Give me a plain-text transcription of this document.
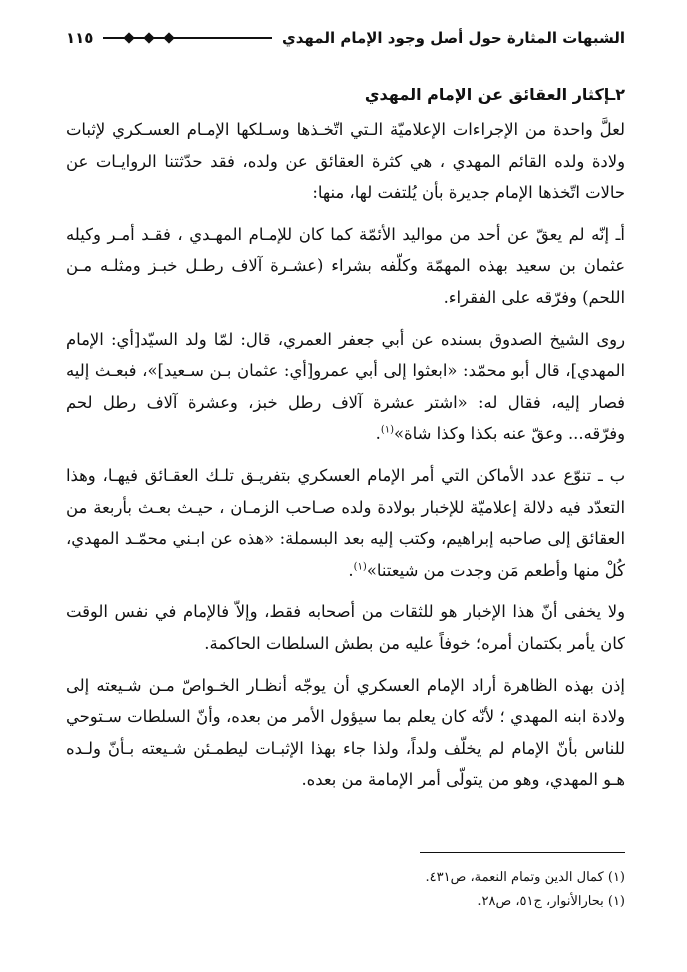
الشبهات المثارة حول أصل وجود الإمام المهدي
١١٥
٢ـإكثار العقائق عن الإمام المهدي

لعلَّ واحدة من الإجراءات الإعلاميّة الـتي اتّخـذها وسـلكها الإمـام العسـكري لإثبات ولادة ولده القائم المهدي ، هي كثرة العقائق عن ولده، فقد حدّثتنا الروايـات عن حالات اتّخذها الإمام جديرة بأن يُلتفت لها، منها:

أـ إنّه لم يعقّ عن أحد من مواليد الأئمّة كما كان للإمـام المهـدي ، فقـد أمـر وكيله عثمان بن سعيد بهذه المهمّة وكلّفه بشراء (عشـرة آلاف رطـل خبـز ومثلـه مـن اللحم) وفرّقه على الفقراء.

روى الشيخ الصدوق بسنده عن أبي جعفر العمري، قال: لمّا ولد السيّد[أي: الإمام المهدي]، قال أبو محمّد: «ابعثوا إلى أبي عمرو[أي: عثمان بـن سـعيد]»، فبعـث إليه فصار إليه، فقال له: «اشتر عشرة آلاف رطل خبز، وعشرة آلاف رطل لحم وفرّقه... وعقّ عنه بكذا وكذا شاة»$^{(١)}$.

ب ـ تنوّع عدد الأماكن التي أمر الإمام العسكري بتفريـق تلـك العقـائق فيهـا، وهذا التعدّد فيه دلالة إعلاميّة للإخبار بولادة ولده صـاحب الزمـان ، حيـث بعـث بأربعة من العقائق إلى صاحبه إبراهيم، وكتب إليه بعد البسملة: «هذه عن ابـني محمّـد المهدي، كُلْ منها وأطعم مَن وجدت من شيعتنا»$^{(١)}$.

ولا يخفى أنّ هذا الإخبار هو للثقات من أصحابه فقط، وإلاّ فالإمام في نفس الوقت كان يأمر بكتمان أمره؛ خوفاً عليه من بطش السلطات الحاكمة.

إذن بهذه الظاهرة أراد الإمام العسكري أن يوجّه أنظـار الخـواصّ مـن شـيعته إلى ولادة ابنه المهدي ؛ لأنّه كان يعلم بما سيؤول الأمر من بعده، وأنّ السلطات سـتوحي للناس بأنّ الإمام لم يخلّف ولداً، ولذا جاء بهذا الإثبـات ليطمـئن شـيعته بـأنّ ولـده هـو المهدي، وهو من يتولّى أمر الإمامة من بعده.

(١) كمال الدين وتمام النعمة، ص٤٣١.
(١) بحارالأنوار، ج٥١، ص٢٨.
